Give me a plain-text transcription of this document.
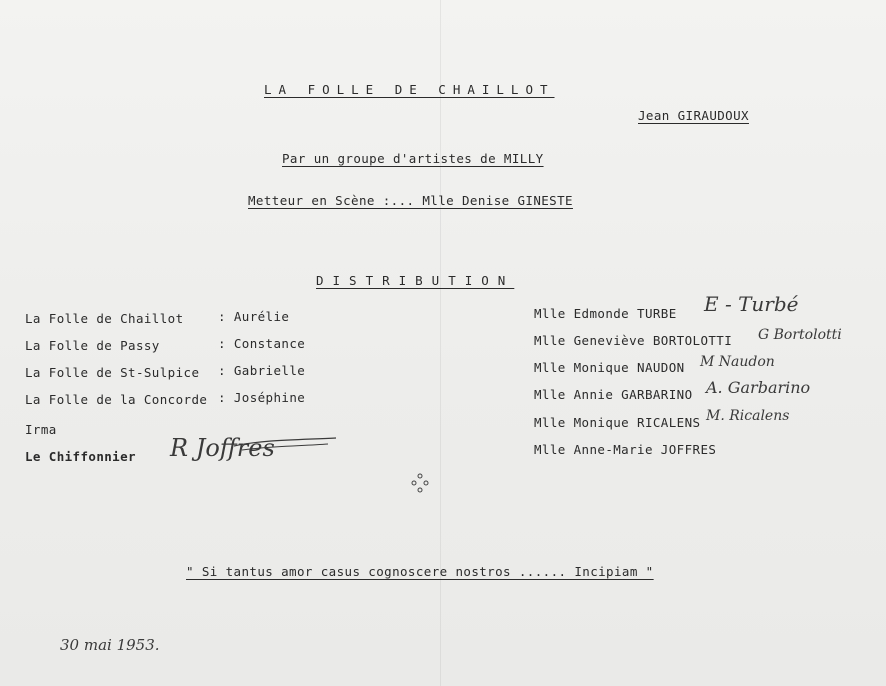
LA FOLLE DE CHAILLOT
Jean GIRAUDOUX
Par un groupe d'artistes de MILLY
Metteur en Scène :... Mlle Denise GINESTE
DISTRIBUTION
La Folle de Chaillot	: Aurélie
La Folle de Passy	: Constance
La Folle de St-Sulpice : Gabrielle
La Folle de la Concorde : Joséphine
Irma
Le Chiffonnier R Joffres
Mlle Edmonde TURBE E - Turbé
Mlle Geneviève BORTOLOTTI G Bortolotti
Mlle Monique NAUDON M Naudon
Mlle Annie GARBARINO A. Garbarino
Mlle Monique RICALENS M. Ricalens
Mlle Anne-Marie JOFFRES
" Si tantus amor casus cognoscere nostros ...... Incipiam "
30 mai 1953.
